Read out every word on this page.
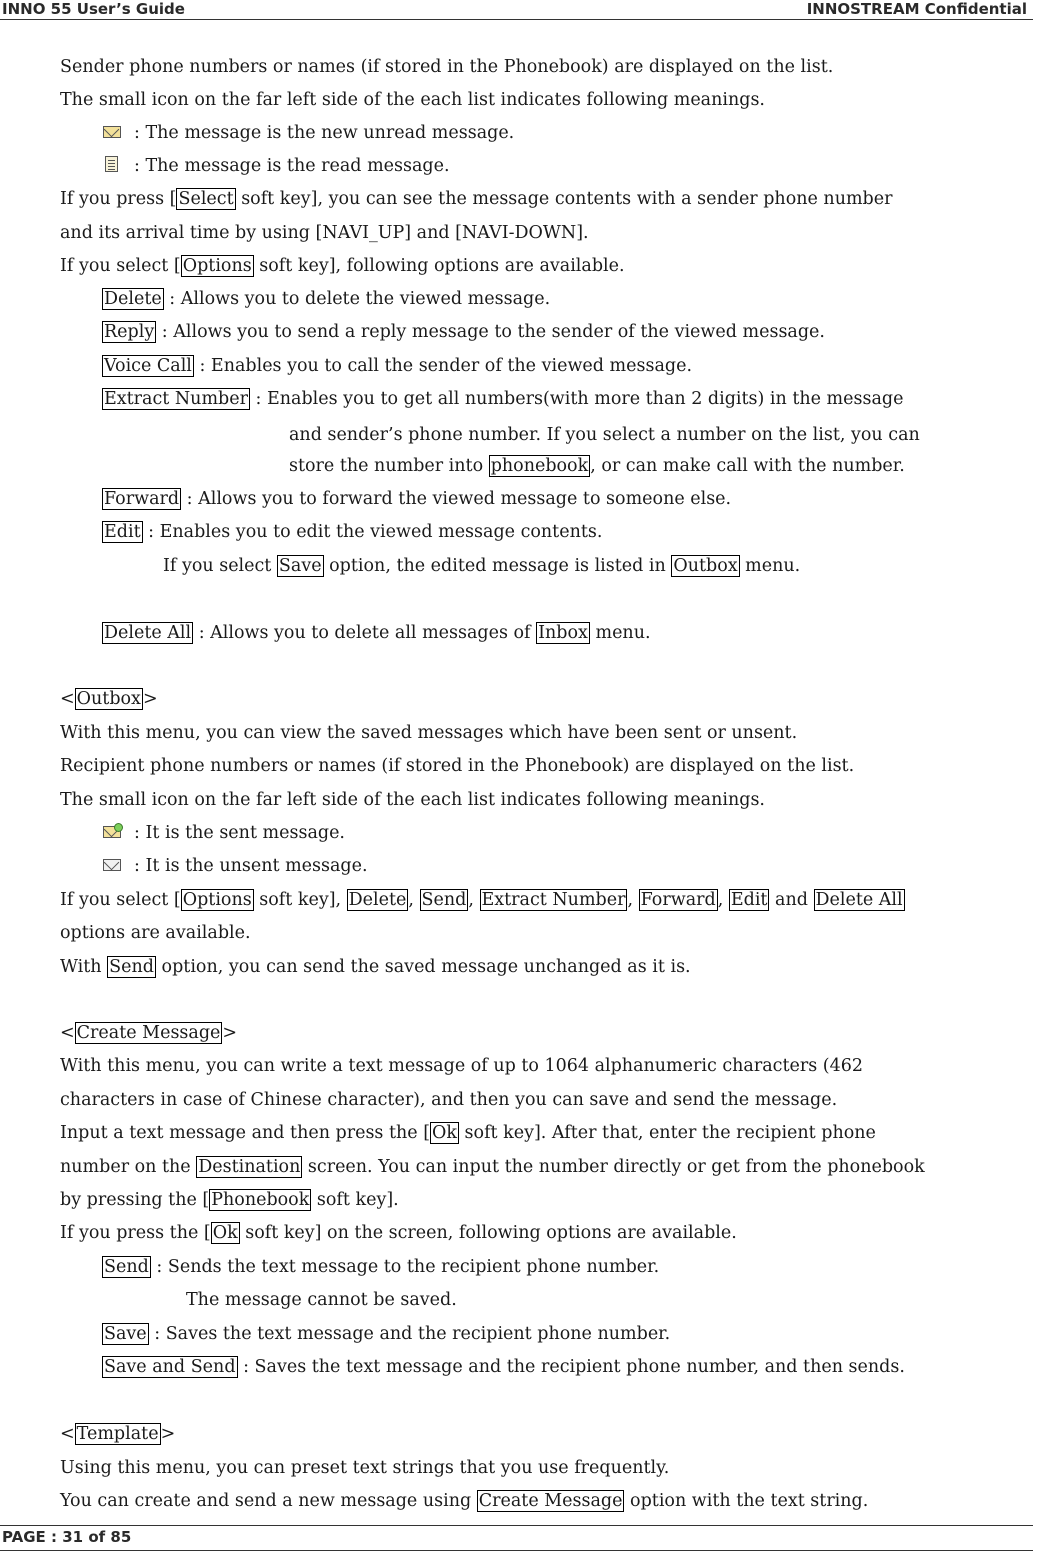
INNO 55 User’s Guide	INNOSTREAM Confidential
Sender phone numbers or names (if stored in the Phonebook) are displayed on the list.
The small icon on the far left side of the each list indicates following meanings.
: The message is the new unread message.
: The message is the read message.
If you press [ Select soft key], you can see the message contents with a sender phone number
and its arrival time by using [NAVI_UP] and [NAVI-DOWN].
If you select [ Options soft key], following options are available.
Delete : Allows you to delete the viewed message.
Reply : Allows you to send a reply message to the sender of the viewed message.
Voice Call : Enables you to call the sender of the viewed message.
Extract Number : Enables you to get all numbers(with more than 2 digits) in the message
and sender’s phone number. If you select a number on the list, you can
store the number into phonebook , or can make call with the number.
Forward : Allows you to forward the viewed message to someone else.
Edit : Enables you to edit the viewed message contents.
If you select Save option, the edited message is listed in Outbox menu.
Delete All : Allows you to delete all messages of Inbox menu.
< Outbox >
With this menu, you can view the saved messages which have been sent or unsent.
Recipient phone numbers or names (if stored in the Phonebook) are displayed on the list.
The small icon on the far left side of the each list indicates following meanings.
: It is the sent message.
: It is the unsent message.
If you select [ Options soft key], Delete , Send , Extract Number , Forward , Edit and Delete All
options are available.
With Send option, you can send the saved message unchanged as it is.
< Create Message >
With this menu, you can write a text message of up to 1064 alphanumeric characters (462
characters in case of Chinese character), and then you can save and send the message.
Input a text message and then press the [ Ok soft key]. After that, enter the recipient phone
number on the Destination screen. You can input the number directly or get from the phonebook
by pressing the [ Phonebook soft key].
If you press the [ Ok soft key] on the screen, following options are available.
Send : Sends the text message to the recipient phone number.
The message cannot be saved.
Save : Saves the text message and the recipient phone number.
Save and Send : Saves the text message and the recipient phone number, and then sends.
< Template >
Using this menu, you can preset text strings that you use frequently.
You can create and send a new message using Create Message option with the text string.
PAGE : 31 of 85
